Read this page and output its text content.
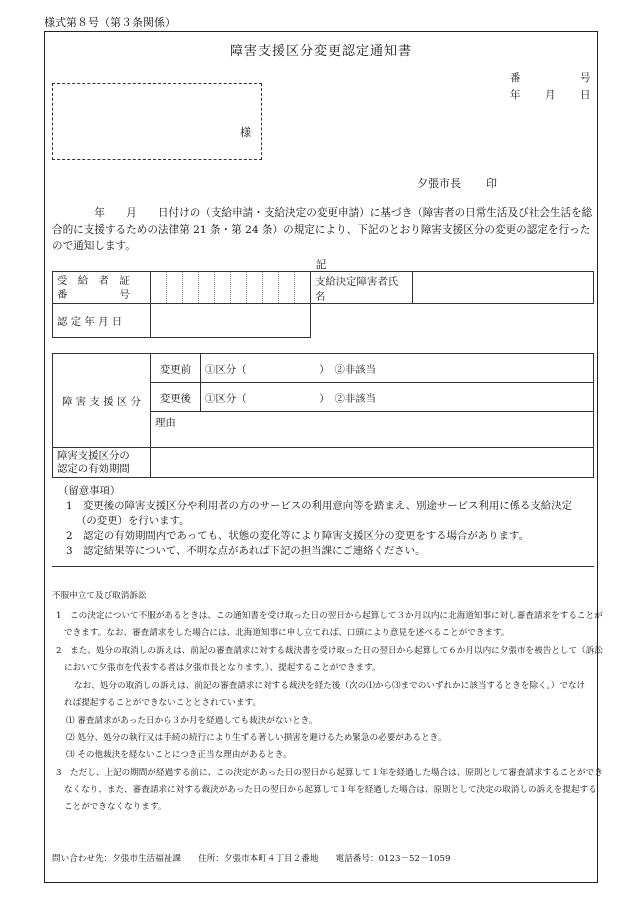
様式第８号（第３条関係）
障害支援区分変更認定通知書
番	号
年 月 日
様
夕張市長 印
　　　　年　　月　　日付けの（支給申請・支給決定の変更申請）に基づき（障害者の日常生活及び社会生活を総合的に支援するための法律第 21 条・第 24 条）の規定により、下記のとおり障害支援区分の変更の認定を行ったので通知します。
記
受　給　者　証
番　　　　　号											支給決定障害者氏名	
認 定 年 月 日												
障 害 支 援 区 分	変更前	①区分（　　　　　　　）	②非該当
	変更後	①区分（　　　　　　　）	②非該当
	理由		

障害支援区分の
認定の有効期間			

（留意事項）
1　変更後の障害支援区分や利用者の方のサービスの利用意向等を踏まえ、別途サービス利用に係る支給決定（の変更）を行います。
2　認定の有効期間内であっても、状態の変化等により障害支援区分の変更をする場合があります。
3　認定結果等について、不明な点があれば下記の担当課にご連絡ください。
不服申立て及び取消訴訟
1　この決定について不服があるときは、この通知書を受け取った日の翌日から起算して３か月以内に北海道知事に対し審査請求をすることができます。なお、審査請求をした場合には、北海道知事に申し立てれば、口頭により意見を述べることができます。
2　また、処分の取消しの訴えは、前記の審査請求に対する裁決書を受け取った日の翌日から起算して６か月以内に夕張市を被告として（訴訟において夕張市を代表する者は夕張市長となります。）、提起することができます。
なお、処分の取消しの訴えは、前記の審査請求に対する裁決を経た後（次の⑴から⑶までのいずれかに該当するときを除く。）でなければ提起することができないこととされています。
⑴ 審査請求があった日から３か月を経過しても裁決がないとき。
⑵ 処分、処分の執行又は手続の続行により生ずる著しい損害を避けるため緊急の必要があるとき。
⑶ その他裁決を経ないことにつき正当な理由があるとき。
3　ただし、上記の期間が経過する前に、この決定があった日の翌日から起算して１年を経過した場合は、原則として審査請求することができなくなり、また、審査請求に対する裁決があった日の翌日から起算して１年を経過した場合は、原則として決定の取消しの訴えを提起することができなくなります。
問い合わせ先：夕張市生活福祉課　　住所：夕張市本町４丁目２番地　　電話番号：0123－52－1059
